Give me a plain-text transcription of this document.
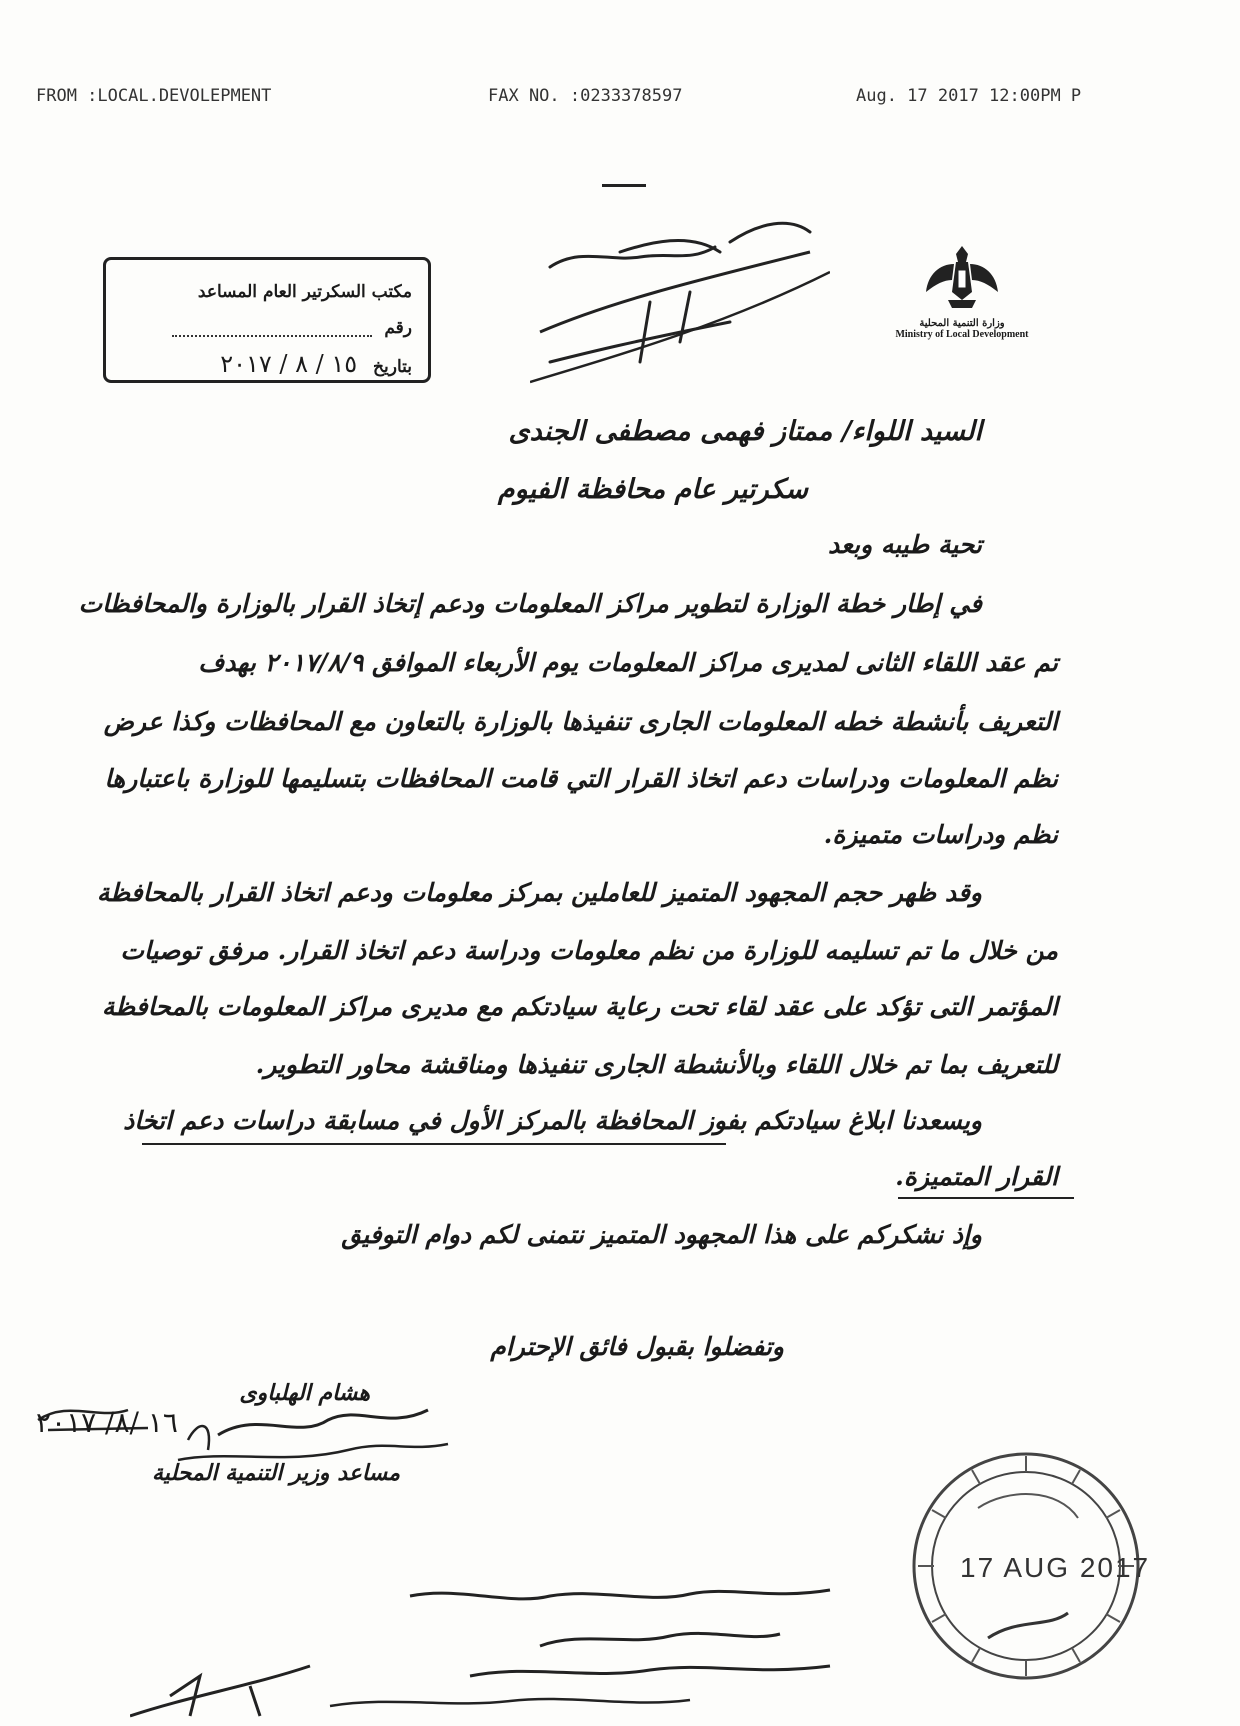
FROM :LOCAL.DEVOLEPMENT	FAX NO. :0233378597	Aug. 17 2017 12:00PM P
مكتب السكرتير العام المساعد
رقم
بتاريخ ١٥ / ٨ / ٢٠١٧
وزارة التنمية المحلية
Ministry of Local Development
السيد اللواء/ ممتاز فهمى مصطفى الجندى
سكرتير عام محافظة الفيوم
تحية طيبه وبعد
في إطار خطة الوزارة لتطوير مراكز المعلومات ودعم إتخاذ القرار بالوزارة والمحافظات
تم عقد اللقاء الثانى لمديرى مراكز المعلومات يوم الأربعاء الموافق ٢٠١٧/٨/٩ بهدف
التعريف بأنشطة خطه المعلومات الجارى تنفيذها بالوزارة بالتعاون مع المحافظات وكذا عرض
نظم المعلومات ودراسات دعم اتخاذ القرار التي قامت المحافظات بتسليمها للوزارة باعتبارها
نظم ودراسات متميزة.
وقد ظهر حجم المجهود المتميز للعاملين بمركز معلومات ودعم اتخاذ القرار بالمحافظة
من خلال ما تم تسليمه للوزارة من نظم معلومات ودراسة دعم اتخاذ القرار. مرفق توصيات
المؤتمر التى تؤكد على عقد لقاء تحت رعاية سيادتكم مع مديرى مراكز المعلومات بالمحافظة
للتعريف بما تم خلال اللقاء وبالأنشطة الجارى تنفيذها ومناقشة محاور التطوير.
ويسعدنا ابلاغ سيادتكم بفوز المحافظة بالمركز الأول في مسابقة دراسات دعم اتخاذ
القرار المتميزة.
وإذ نشكركم على هذا المجهود المتميز نتمنى لكم دوام التوفيق
وتفضلوا بقبول فائق الإحترام
هشام الهلباوى
مساعد وزير التنمية المحلية
١٦ /٨/ ٢٠١٧
17 AUG 2017
